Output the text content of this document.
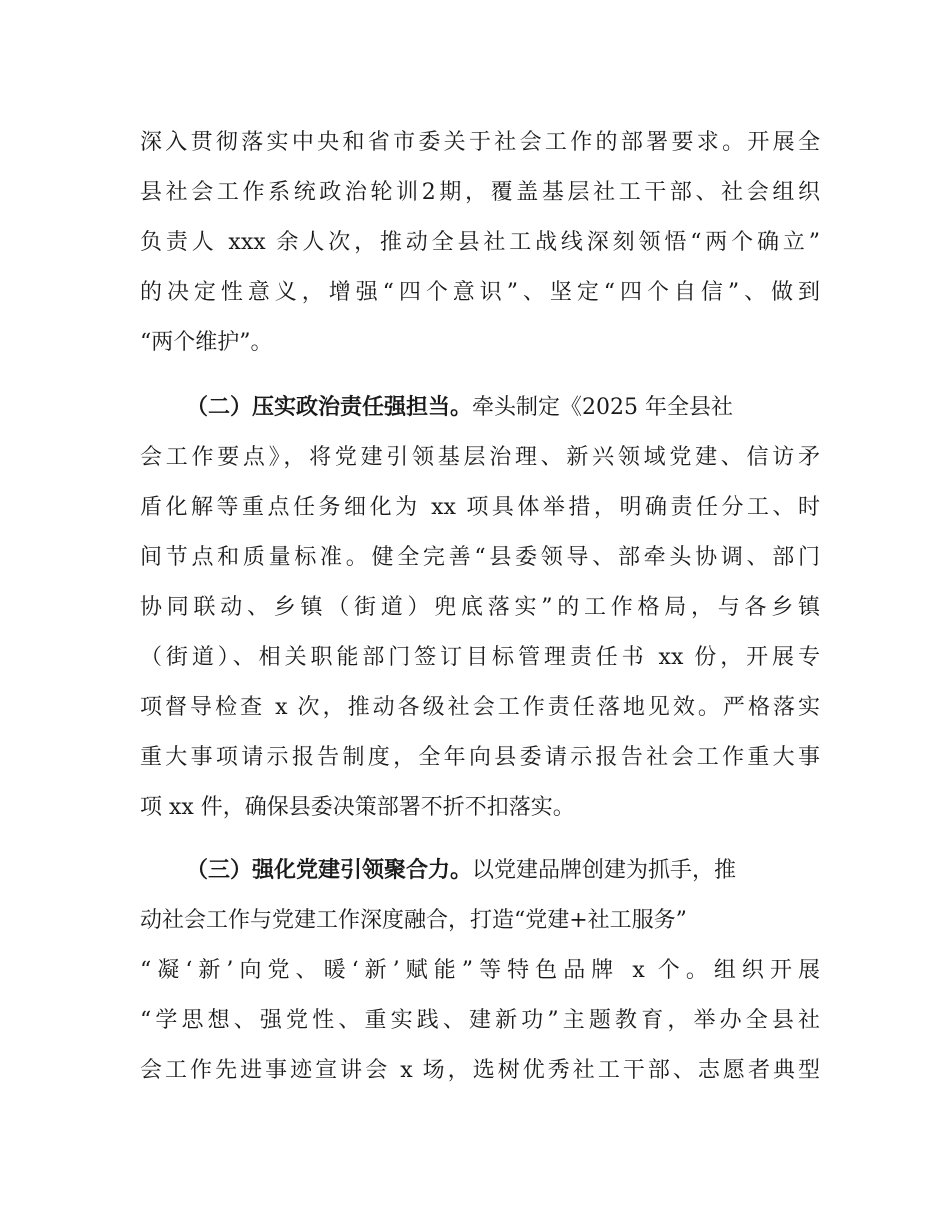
深入贯彻落实中央和省市委关于社会工作的部署要求。开展全
县社会工作系统政治轮训2期，覆盖基层社工干部、社会组织
负责人 xxx 余人次，推动全县社工战线深刻领悟“两个确立”
的决定性意义，增强“四个意识”、坚定“四个自信”、做到
“两个维护”。
（二）压实政治责任强担当。牵头制定《2025 年全县社
会工作要点》，将党建引领基层治理、新兴领域党建、信访矛
盾化解等重点任务细化为 xx 项具体举措，明确责任分工、时
间节点和质量标准。健全完善“县委领导、部牵头协调、部门
协同联动、乡镇（街道）兜底落实”的工作格局，与各乡镇
（街道）、相关职能部门签订目标管理责任书 xx 份，开展专
项督导检查 x 次，推动各级社会工作责任落地见效。严格落实
重大事项请示报告制度，全年向县委请示报告社会工作重大事
项 xx 件，确保县委决策部署不折不扣落实。
（三）强化党建引领聚合力。以党建品牌创建为抓手，推
动社会工作与党建工作深度融合，打造“党建+社工服务”
“凝‘新’向党、暖‘新’赋能”等特色品牌 x 个。组织开展
“学思想、强党性、重实践、建新功”主题教育，举办全县社
会工作先进事迹宣讲会 x 场，选树优秀社工干部、志愿者典型
